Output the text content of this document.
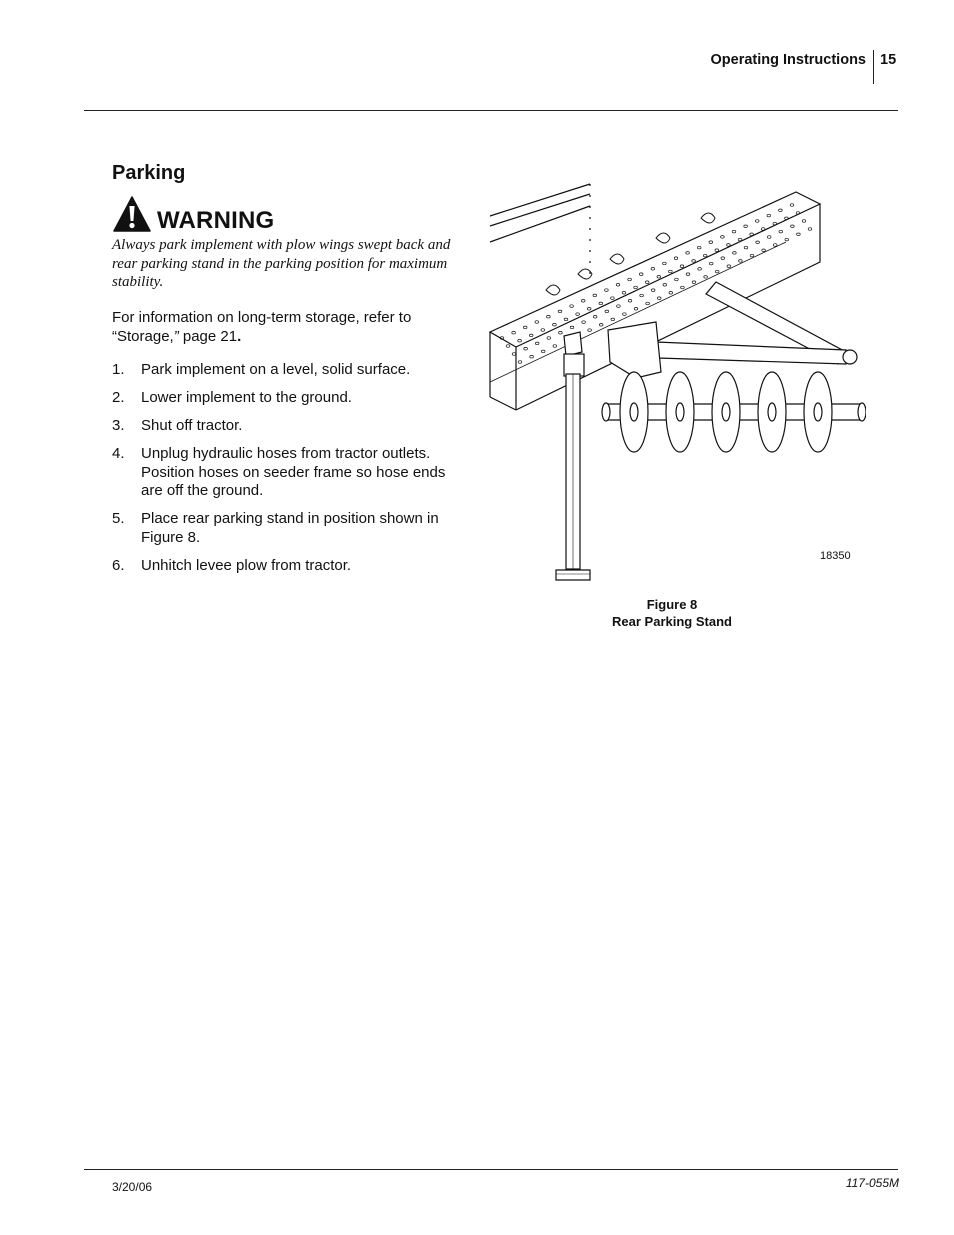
Operating Instructions 15
Parking
WARNING
Always park implement with plow wings swept back and rear parking stand in the parking position for maximum stability.
For information on long-term storage, refer to “Storage,” page 21.
1. Park implement on a level, solid surface.
2. Lower implement to the ground.
3. Shut off tractor.
4. Unplug hydraulic hoses from tractor outlets. Position hoses on seeder frame so hose ends are off the ground.
5. Place rear parking stand in position shown in Figure 8.
6. Unhitch levee plow from tractor.
18350
Figure 8
Rear Parking Stand
3/20/06	117-055M
